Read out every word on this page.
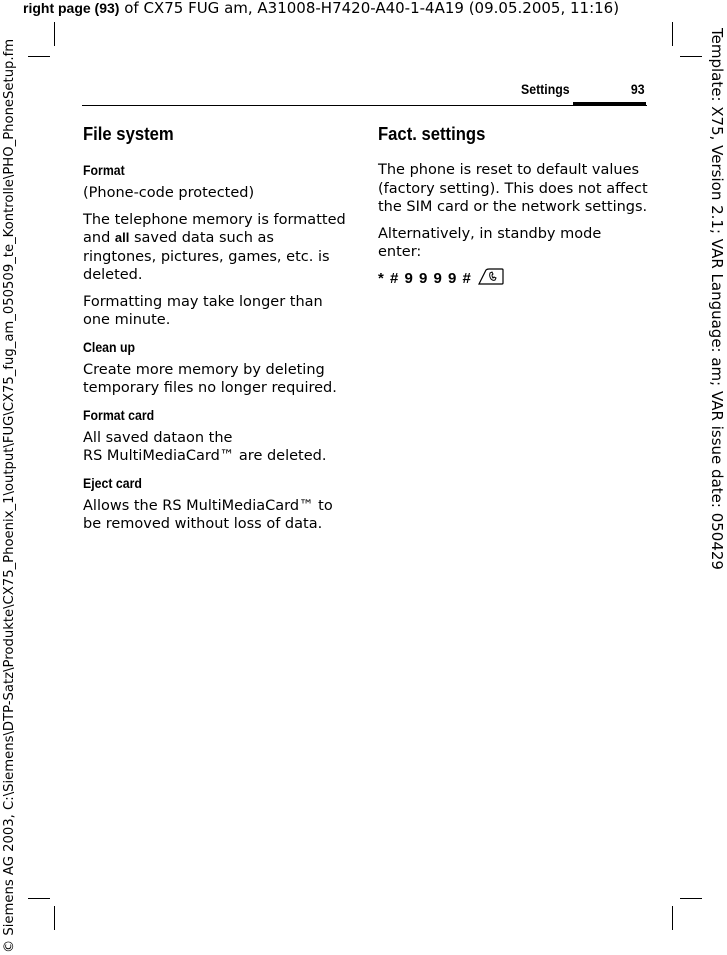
right page (93) of CX75 FUG am, A31008-H7420-A40-1-4A19 (09.05.2005, 11:16)
© Siemens AG 2003, C:\Siemens\DTP-Satz\Produkte\CX75_Phoenix_1\output\FUG\CX75_fug_am_050509_te_Kontrolle\PHO_PhoneSetup.fm	Template: X75, Version 2.1; VAR Language: am; VAR issue date: 050429
Settings	93
File system
Format

(Phone-code protected)

The telephone memory is formatted and all saved data such as ringtones, pictures, games, etc. is deleted.

Formatting may take longer than one minute.

Clean up

Create more memory by deleting temporary files no longer required.

Format card

All saved dataon the
RS MultiMediaCard™ are deleted.

Eject card

Allows the RS MultiMediaCard™ to be removed without loss of data.

Fact. settings

The phone is reset to default values (factory setting). This does not affect the SIM card or the network settings.

Alternatively, in standby mode enter:

* # 9 9 9 9 #
